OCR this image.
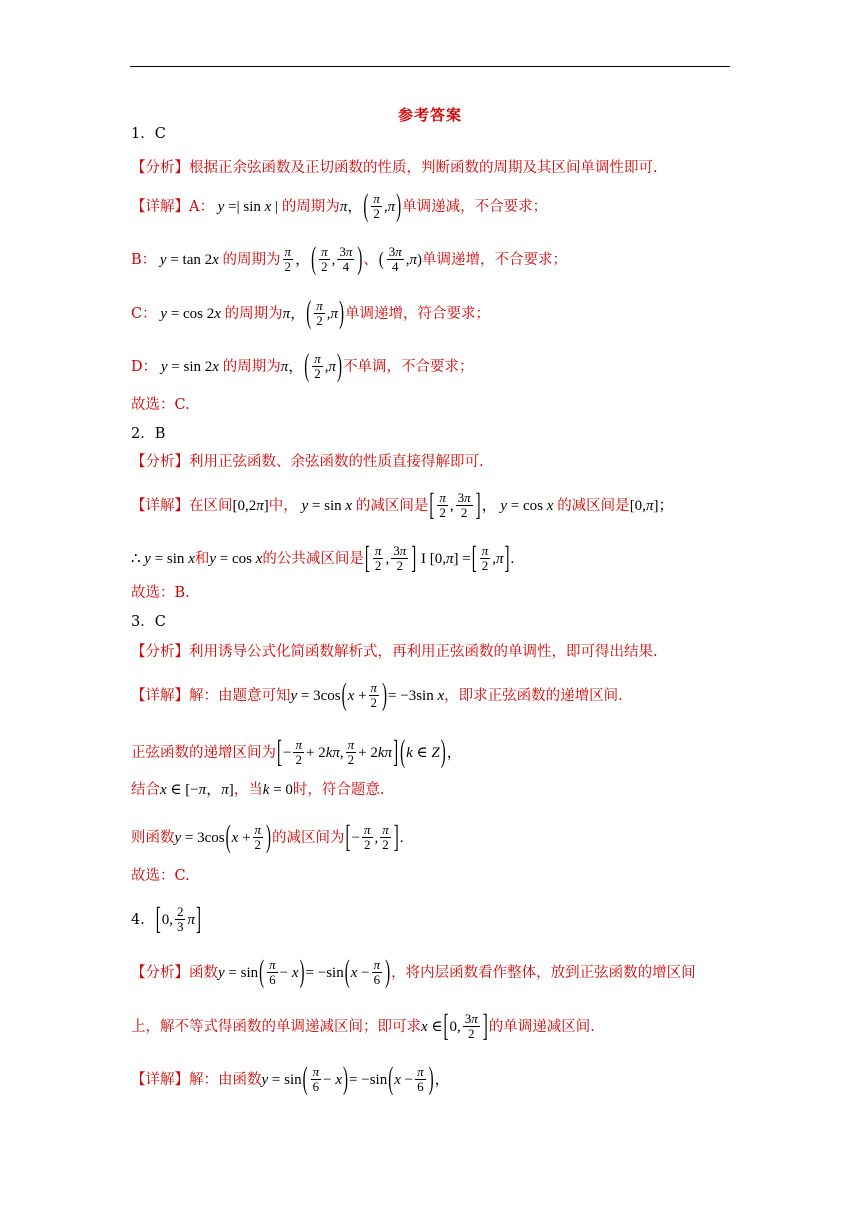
参考答案
1．C
【分析】 根据正余弦函数及正切函数的性质，判断函数的周期及其区间单调性即可.
【详解】 A： y =| sin x | 的周期为 π， ( $\frac{\pi}{2} ,\pi$ ) 单调递减，不合要求；
B： y = tan 2x 的周期为 $\frac{\pi}{2}$ ， ( $\frac{\pi}{2}$ , $\frac{3\pi}{4}$ ) 、 ( $\frac{3\pi}{4} ,\pi$) 单调递增，不合要求；
C： y = cos 2x 的周期为 π， ( $\frac{\pi}{2} ,\pi$ ) 单调递增，符合要求；
D： y = sin 2x 的周期为 π， ( $\frac{\pi}{2} ,\pi$ ) 不单调，不合要求；
故选：C.
2．B
【分析】 利用正弦函数、余弦函数的性质直接得解即可.
【详解】 在区间 [0,2π] 中， y = sin x 的减区间是 [ $\frac{\pi}{2}$ , $\frac{3\pi}{2}$ ] ， y = cos x 的减区间是 [0,π]；
∴ y = sin x 和 y = cos x 的公共减区间是 [ $\frac{\pi}{2}$ , $\frac{3\pi}{2}$ ] I [0,π] = [ $\frac{\pi}{2} ,\pi$ ] .
故选：B.
3．C
【分析】 利用诱导公式化简函数解析式，再利用正弦函数的单调性，即可得出结果.
【详解】 解：由题意可知 y = 3cos ( $x + \frac{\pi}{2}$ ) = −3sin x ，即求正弦函数的递增区间.
正弦函数的递增区间为 [ − $\frac{\pi}{2} + 2k\pi$, $\frac{\pi}{2} + 2k\pi$ ] ( k ∈ Z ) ，
结合 x ∈ [−π，π] ，当 k = 0 时，符合题意.
则函数 y = 3cos ( $x + \frac{\pi}{2}$ ) 的减区间为 [ − $\frac{\pi}{2}$ , $\frac{\pi}{2}$ ] .
故选：C.
4． [ 0, $\frac{2}{3}$ π ]
【分析】 函数 y = sin ( $\frac{\pi}{6} - x$ ) = −sin ( $x - \frac{\pi}{6}$ ) ，将内层函数看作整体，放到正弦函数的增区间
上，解不等式得函数的单调递减区间；即可求 x ∈ [ 0, $\frac{3\pi}{2}$ ] 的单调递减区间.
【详解】 解：由函数 y = sin ( $\frac{\pi}{6} - x$ ) = −sin ( $x - \frac{\pi}{6}$ ) ，
